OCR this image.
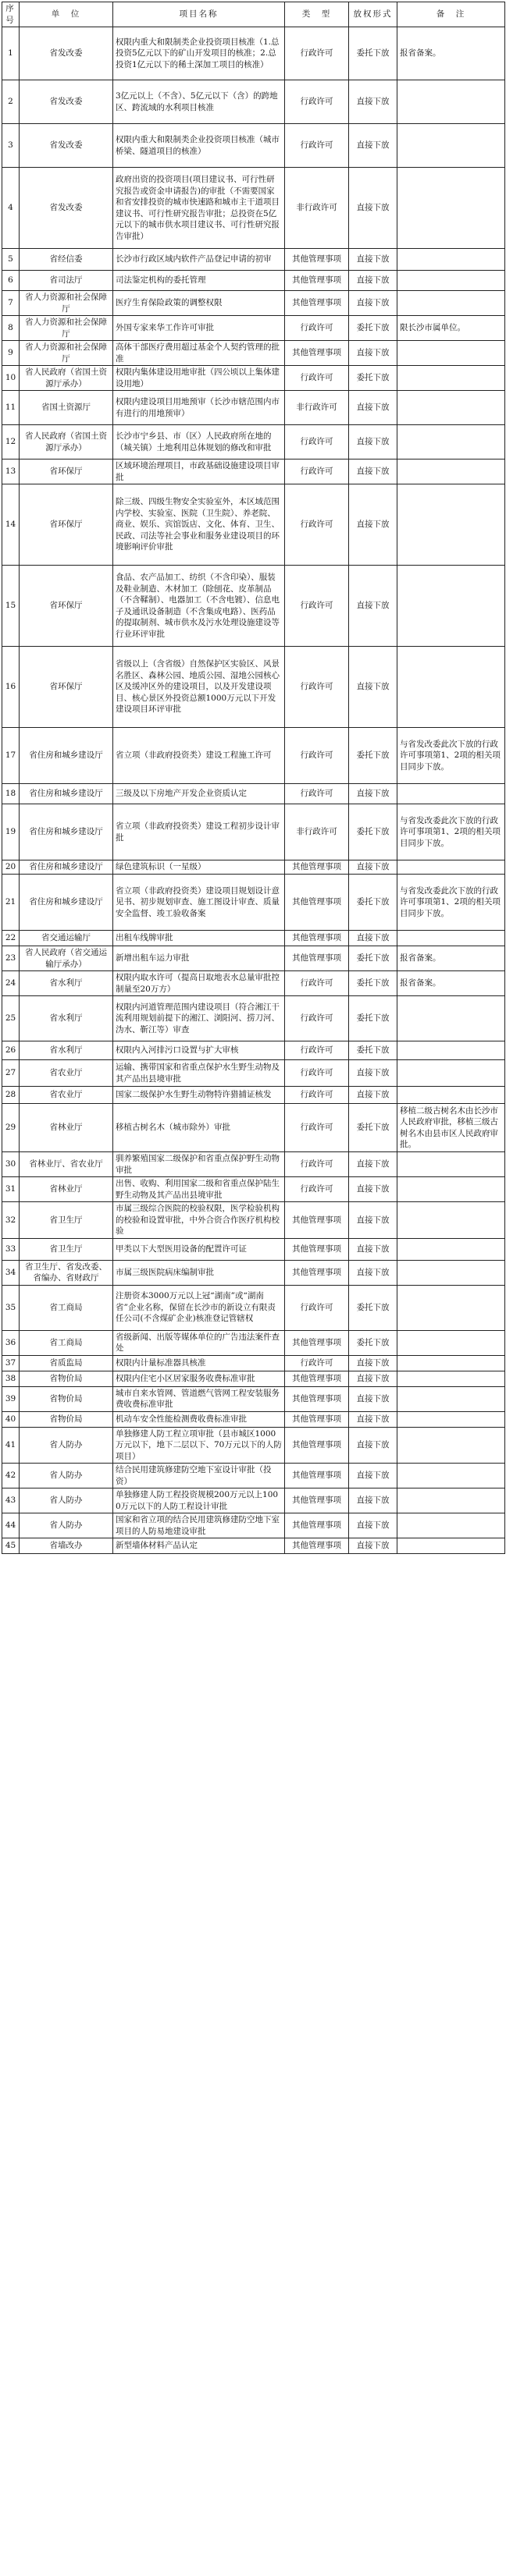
序号	单　位	项目名称	类　型	放权形式	备　注
1	省发改委	权限内重大和限制类企业投资项目核准（1.总投资5亿元以下的矿山开发项目的核准；2.总投资1亿元以下的稀土深加工项目的核准）	行政许可	委托下放	报省备案。
2	省发改委	3亿元以上（不含）、5亿元以下（含）的跨地区、跨流域的水利项目核准	行政许可	直接下放	
3	省发改委	权限内重大和限制类企业投资项目核准（城市桥梁、隧道项目的核准）	行政许可	直接下放	
4	省发改委	政府出资的投资项目(项目建议书、可行性研究报告或资金申请报告)的审批（不需要国家和省安排投资的城市快速路和城市主干道项目建议书、可行性研究报告审批；总投资在5亿元以下的城市供水项目建议书、可行性研究报告审批）	非行政许可	直接下放	
5	省经信委	长沙市行政区域内软件产品登记申请的初审	其他管理事项	直接下放	
6	省司法厅	司法鉴定机构的委托管理	其他管理事项	直接下放	
7	省人力资源和社会保障厅	医疗生育保险政策的调整权限	其他管理事项	直接下放	
8	省人力资源和社会保障厅	外国专家来华工作许可审批	行政许可	委托下放	限长沙市属单位。
9	省人力资源和社会保障厅	高体干部医疗费用超过基金个人契约管理的批准	其他管理事项	直接下放	
10	省人民政府（省国土资源厅承办）	权限内集体建设用地审批（四公顷以上集体建设用地）	行政许可	委托下放	
11	省国土资源厅	权限内建设项目用地预审（长沙市辖范围内市有进行的用地预审）	非行政许可	直接下放	
12	省人民政府（省国土资源厅承办）	长沙市宁乡县、市（区）人民政府所在地的（城关镇）土地利用总体规划的修改和审批	行政许可	直接下放	
13	省环保厅	区域环境治理项目，市政基础设施建设项目审批	行政许可	直接下放	
14	省环保厅	除三级、四级生物安全实验室外，本区域范围内学校、实验室、医院（卫生院）、养老院、商业、娱乐、宾馆饭店、文化、体育、卫生、民政、司法等社会事业和服务业建设项目的环境影响评价审批	行政许可	直接下放	
15	省环保厅	食品、农产品加工、纺织（不含印染）、服装及鞋业制造、木材加工（除刨花、皮革制品（不含鞣制）、电器加工（不含电镀）、信息电子及通讯设备制造（不含集成电路）、医药品的提取制剂、城市供水及污水处理设施建设等行业环评审批	行政许可	直接下放	
16	省环保厅	省级以上（含省级）自然保护区实验区、风景名胜区、森林公园、地质公园、湿地公园核心区及缓冲区外的建设项目，以及开发建设项目、核心景区外投资总额1000万元以下开发建设项目环评审批	行政许可	直接下放	
17	省住房和城乡建设厅	省立项（非政府投资类）建设工程施工许可	行政许可	委托下放	与省发改委此次下放的行政许可事项第1、2项的相关项目同步下放。
18	省住房和城乡建设厅	三级及以下房地产开发企业资质认定	行政许可	直接下放	
19	省住房和城乡建设厅	省立项（非政府投资类）建设工程初步设计审批	非行政许可	委托下放	与省发改委此次下放的行政许可事项第1、2项的相关项目同步下放。
20	省住房和城乡建设厅	绿色建筑标识（一星级）	其他管理事项	直接下放	
21	省住房和城乡建设厅	省立项（非政府投资类）建设项目规划设计意见书、初步规划审查、施工图设计审查、质量安全监督、竣工验收备案	其他管理事项	委托下放	与省发改委此次下放的行政许可事项第1、2项的相关项目同步下放。
22	省交通运输厅	出租车线牌审批	其他管理事项	直接下放	
23	省人民政府（省交通运输厅承办）	新增出租车运力审批	其他管理事项	委托下放	报省备案。
24	省水利厅	权限内取水许可（提高日取地表水总量审批控制量至20万方）	行政许可	委托下放	报省备案。
25	省水利厅	权限内河道管理范围内建设项目（符合湘江干流利用规划前提下的湘江、浏阳河、捞刀河、沩水、靳江等）审查	行政许可	委托下放	
26	省水利厅	权限内入河排污口设置与扩大审核	行政许可	委托下放	
27	省农业厅	运输、携带国家和省重点保护水生野生动物及其产品出县境审批	行政许可	直接下放	
28	省农业厅	国家二级保护水生野生动物特许猎捕证核发	行政许可	直接下放	
29	省林业厅	移植古树名木（城市除外）审批	行政许可	委托下放	移植二级古树名木由长沙市人民政府审批，移植三级古树名木由县市区人民政府审批。
30	省林业厅、省农业厅	驯养繁殖国家二级保护和省重点保护野生动物审批	行政许可	直接下放	
31	省林业厅	出售、收购、利用国家二级和省重点保护陆生野生动物及其产品出县境审批	行政许可	直接下放	
32	省卫生厅	市属三级综合医院的校验权限，医学检验机构的校验和设置审批，中外合资合作医疗机构校验	其他管理事项	直接下放	
33	省卫生厅	甲类以下大型医用设备的配置许可证	其他管理事项	直接下放	
34	省卫生厅、省发改委、省编办、省财政厅	市属三级医院病床编制审批	其他管理事项	直接下放	
35	省工商局	注册资本3000万元以上冠“湖南”或“湖南省”企业名称，保留在长沙市的新设立有限责任公司(不含煤矿企业)核准登记管辖权	行政许可	委托下放	
36	省工商局	省级新闻、出版等媒体单位的广告违法案件查处	其他管理事项	委托下放	
37	省质监局	权限内计量标准器具核准	行政许可	直接下放	
38	省物价局	权限内住宅小区居家服务收费标准审批	其他管理事项	直接下放	
39	省物价局	城市自来水管网、管道燃气管网工程安装服务费收费标准审批	其他管理事项	直接下放	
40	省物价局	机动车安全性能检测费收费标准审批	其他管理事项	直接下放	
41	省人防办	单独修建人防工程立项审批（县市城区1000万元以下，地下二层以下、70万元以下的人防项目）	其他管理事项	直接下放	
42	省人防办	结合民用建筑修建防空地下室设计审批（投资）	其他管理事项	直接下放	
43	省人防办	单独修建人防工程投资规模200万元以上1000万元以下的人防工程设计审批	其他管理事项	直接下放	
44	省人防办	国家和省立项的结合民用建筑修建防空地下室项目的人防易地建设审批	其他管理事项	直接下放	
45	省墙改办	新型墙体材料产品认定	其他管理事项	直接下放	
